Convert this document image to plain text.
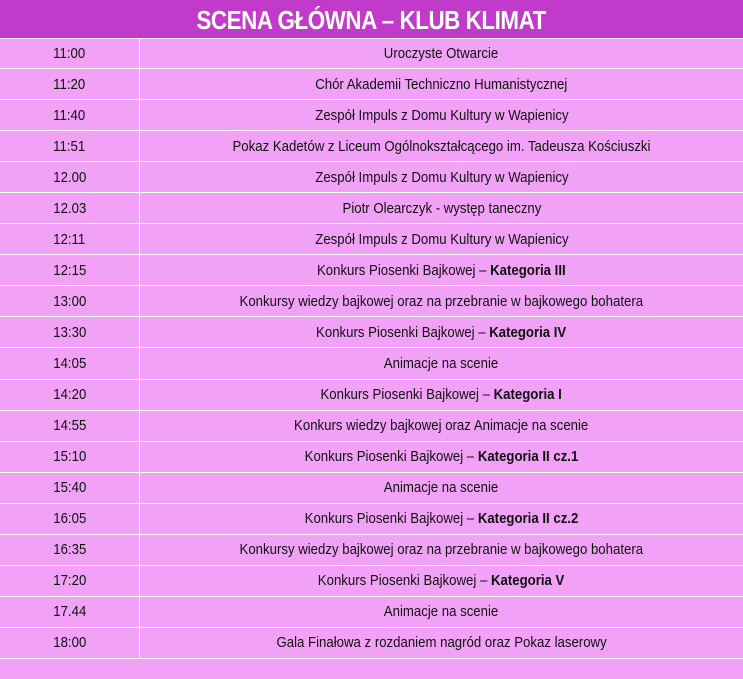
SCENA GŁÓWNA – KLUB KLIMAT
11:00	Uroczyste Otwarcie
11:20	Chór Akademii Techniczno Humanistycznej
11:40	Zespół Impuls z Domu Kultury w Wapienicy
11:51	Pokaz Kadetów z Liceum Ogólnokształcącego im. Tadeusza Kościuszki
12.00	Zespół Impuls z Domu Kultury w Wapienicy
12.03	Piotr Olearczyk - występ taneczny
12:11	Zespół Impuls z Domu Kultury w Wapienicy
12:15	Konkurs Piosenki Bajkowej – Kategoria III
13:00	Konkursy wiedzy bajkowej oraz na przebranie w bajkowego bohatera
13:30	Konkurs Piosenki Bajkowej – Kategoria IV
14:05	Animacje na scenie
14:20	Konkurs Piosenki Bajkowej – Kategoria I
14:55	Konkurs wiedzy bajkowej oraz Animacje na scenie
15:10	Konkurs Piosenki Bajkowej – Kategoria II cz.1
15:40	Animacje na scenie
16:05	Konkurs Piosenki Bajkowej – Kategoria II cz.2
16:35	Konkursy wiedzy bajkowej oraz na przebranie w bajkowego bohatera
17:20	Konkurs Piosenki Bajkowej – Kategoria V
17.44	Animacje na scenie
18:00	Gala Finałowa z rozdaniem nagród oraz Pokaz laserowy
